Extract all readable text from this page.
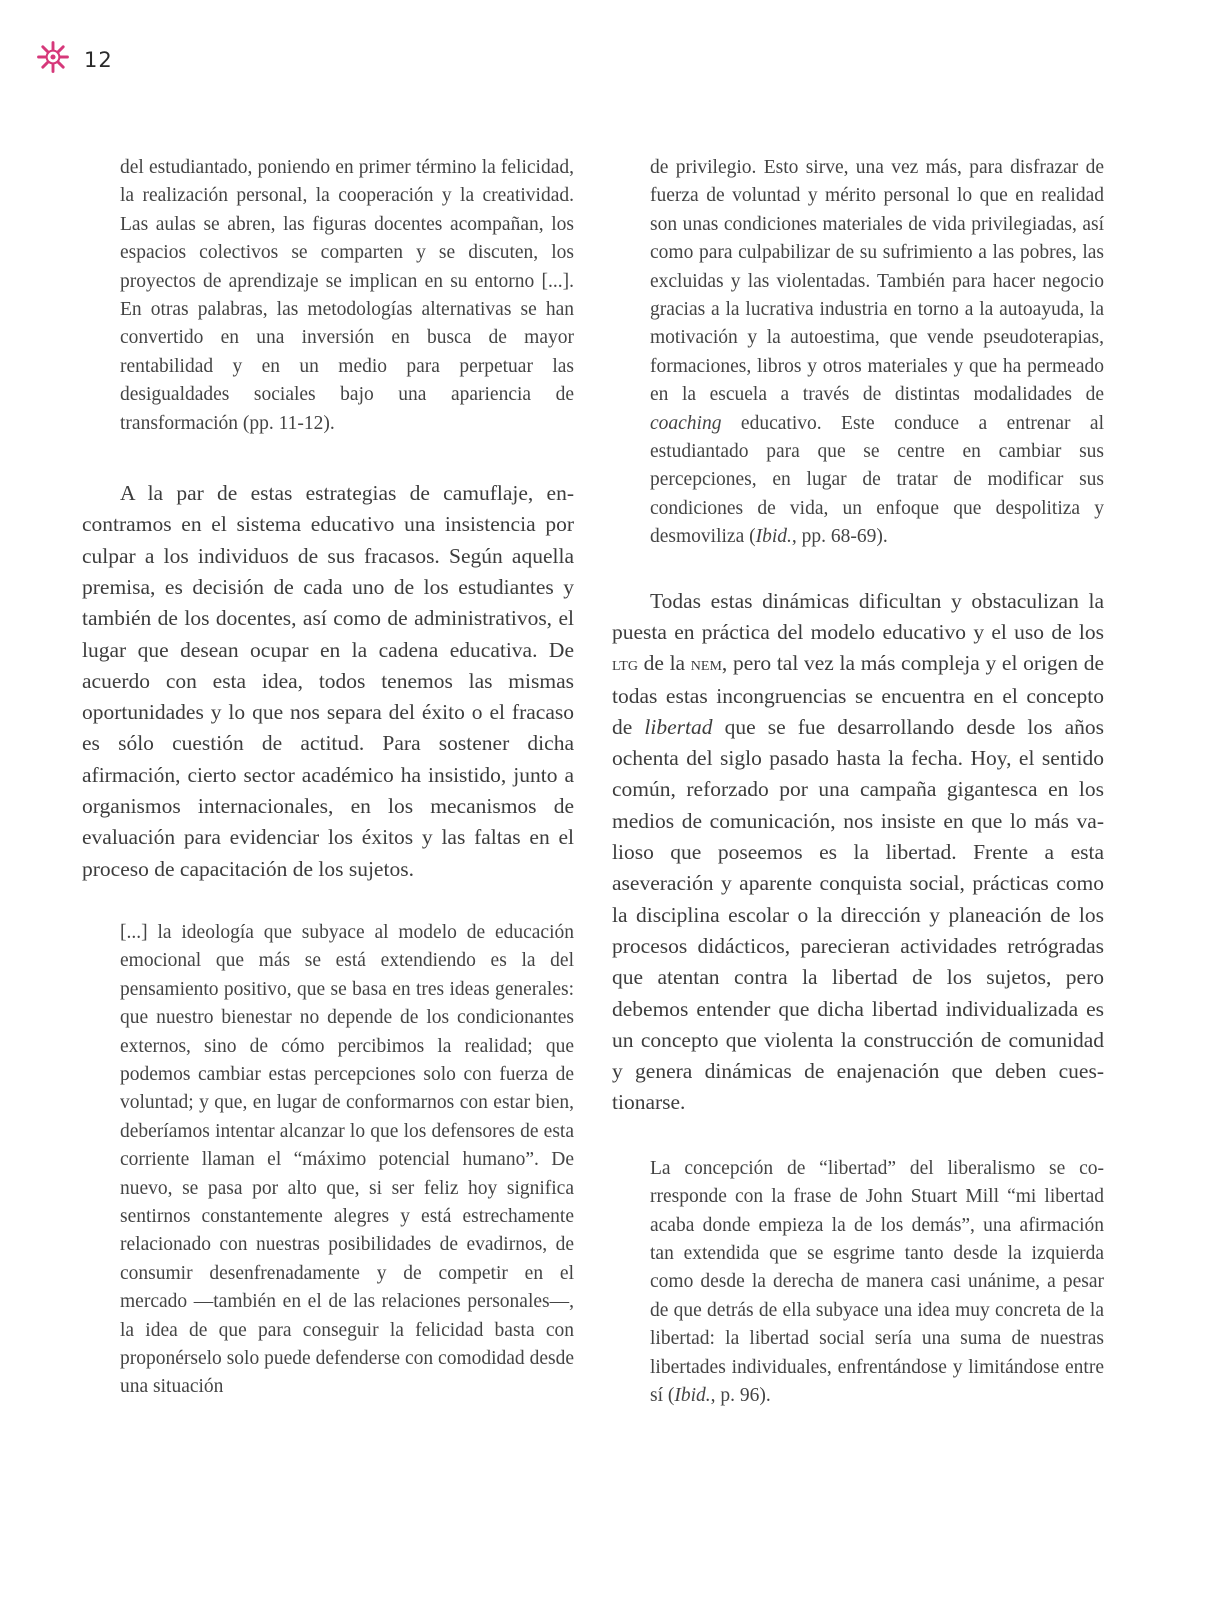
12

del estudiantado, poniendo en primer término la felicidad, la realización personal, la cooperación y la creatividad. Las aulas se abren, las figuras docentes acompañan, los espacios colectivos se comparten y se discuten, los proyectos de aprendizaje se implican en su entorno [...]. En otras palabras, las metodologías alternativas se han convertido en una inversión en busca de mayor rentabilidad y en un medio para perpetuar las desigualdades sociales bajo una apariencia de transformación (pp. 11-12).

A la par de estas estrategias de camuflaje, encontramos en el sistema educativo una insistencia por culpar a los individuos de sus fracasos. Según aquella premisa, es decisión de cada uno de los estudiantes y también de los docentes, así como de administrativos, el lugar que desean ocupar en la cadena educativa. De acuerdo con esta idea, todos tenemos las mismas oportunidades y lo que nos separa del éxito o el fracaso es sólo cuestión de actitud. Para sostener dicha afirmación, cierto sector académico ha insistido, junto a organismos internacionales, en los mecanismos de evaluación para evidenciar los éxitos y las faltas en el proceso de capacitación de los sujetos.

[...] la ideología que subyace al modelo de educación emocional que más se está extendiendo es la del pensamiento positivo, que se basa en tres ideas generales: que nuestro bienestar no depende de los condicionantes externos, sino de cómo percibimos la realidad; que podemos cambiar estas percepciones solo con fuerza de voluntad; y que, en lugar de conformarnos con estar bien, deberíamos intentar alcanzar lo que los defensores de esta corriente llaman el “máximo potencial humano”. De nuevo, se pasa por alto que, si ser feliz hoy significa sentirnos constantemente alegres y está estrechamente relacionado con nuestras posibilidades de evadirnos, de consumir desenfrenadamente y de competir en el mercado —también en el de las relaciones personales—, la idea de que para conseguir la felicidad basta con proponérselo solo puede defenderse con comodidad desde una situación

de privilegio. Esto sirve, una vez más, para disfrazar de fuerza de voluntad y mérito personal lo que en realidad son unas condiciones materiales de vida privilegiadas, así como para culpabilizar de su sufrimiento a las pobres, las excluidas y las violentadas. También para hacer negocio gracias a la lucrativa industria en torno a la autoayuda, la motivación y la autoestima, que vende pseudoterapias, formaciones, libros y otros materiales y que ha permeado en la escuela a través de distintas modalidades de coaching educativo. Este conduce a entrenar al estudiantado para que se centre en cambiar sus percepciones, en lugar de tratar de modificar sus condiciones de vida, un enfoque que despolitiza y desmoviliza (Ibid., pp. 68-69).

Todas estas dinámicas dificultan y obstaculizan la puesta en práctica del modelo educativo y el uso de los ltg de la nem, pero tal vez la más compleja y el origen de todas estas incongruencias se encuentra en el concepto de libertad que se fue desarrollando desde los años ochenta del siglo pasado hasta la fecha. Hoy, el sentido común, reforzado por una campaña gigantesca en los medios de comunicación, nos insiste en que lo más valioso que poseemos es la libertad. Frente a esta aseveración y aparente conquista social, prácticas como la disciplina escolar o la dirección y planeación de los procesos didácticos, parecieran actividades retrógradas que atentan contra la libertad de los sujetos, pero debemos entender que dicha libertad individualizada es un concepto que violenta la construcción de comunidad y genera dinámicas de enajenación que deben cuestionarse.

La concepción de “libertad” del liberalismo se corresponde con la frase de John Stuart Mill “mi libertad acaba donde empieza la de los demás”, una afirmación tan extendida que se esgrime tanto desde la izquierda como desde la derecha de manera casi unánime, a pesar de que detrás de ella subyace una idea muy concreta de la libertad: la libertad social sería una suma de nuestras libertades individuales, enfrentándose y limitándose entre sí (Ibid., p. 96).
